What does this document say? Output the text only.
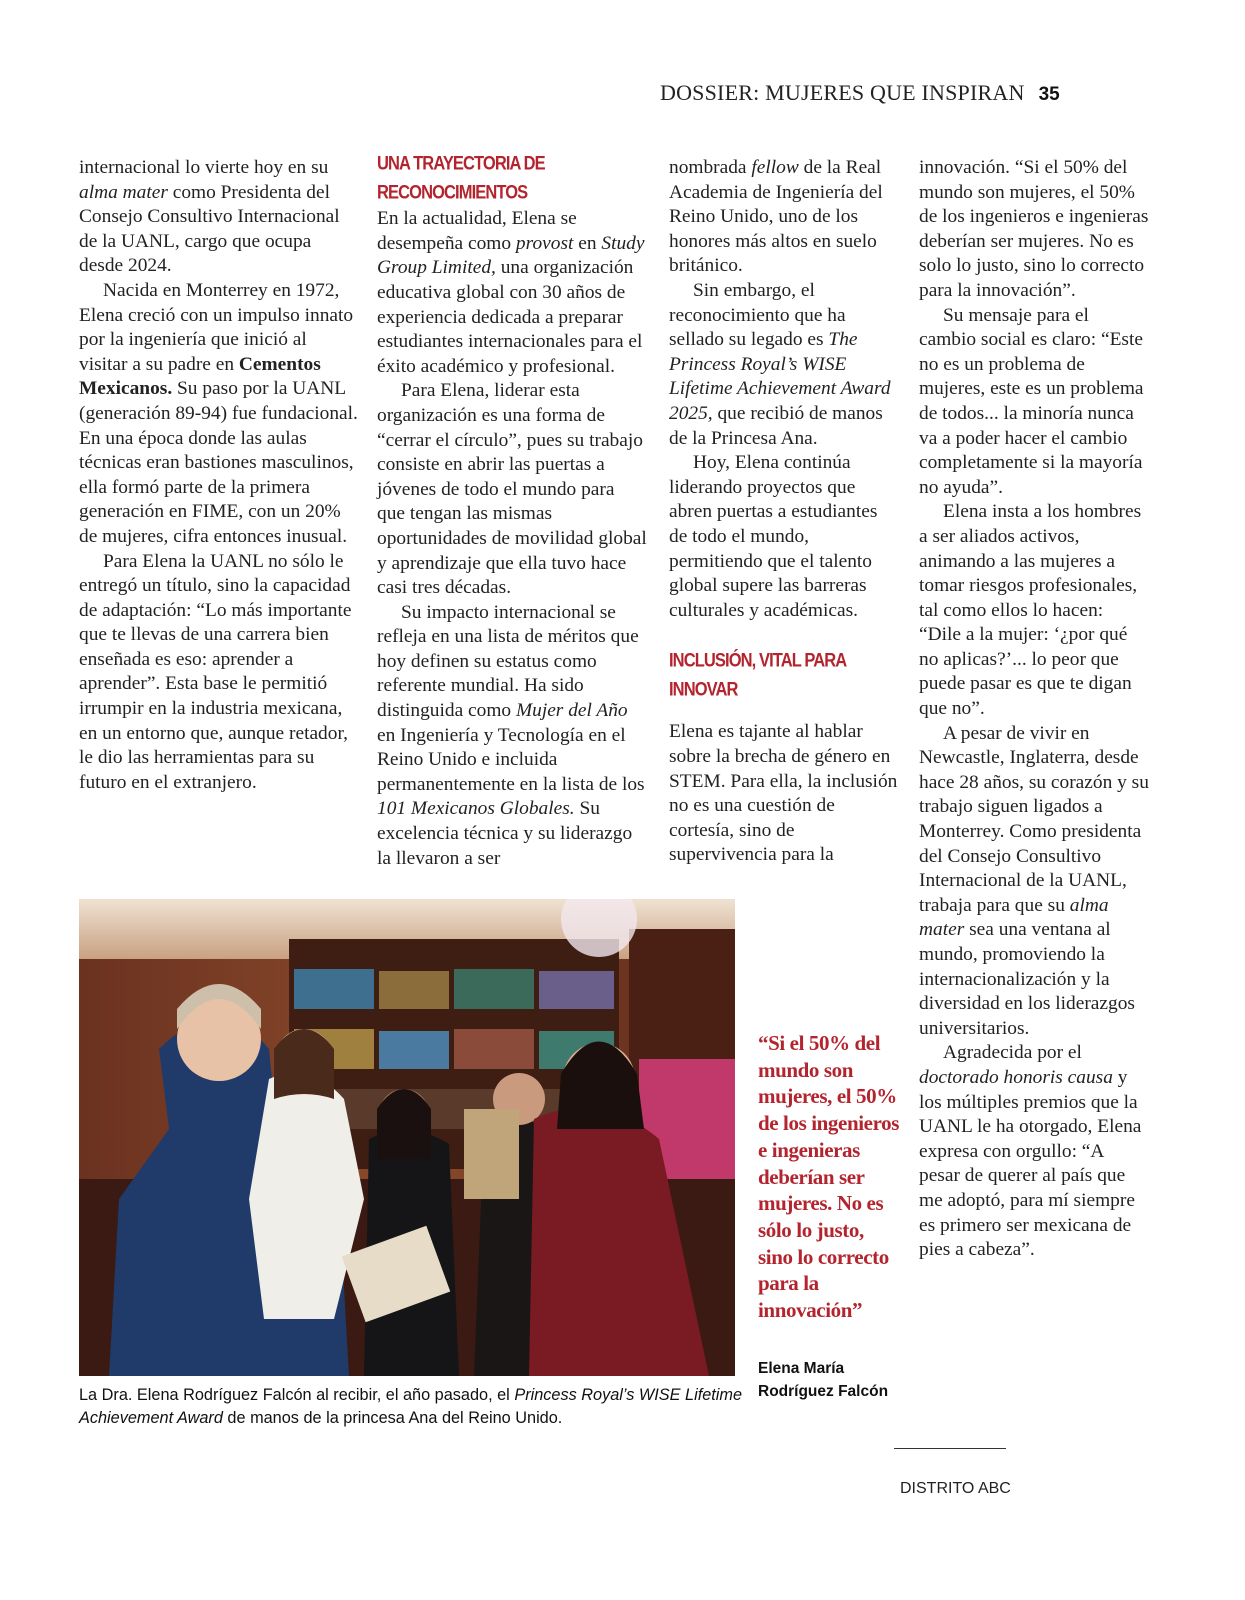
DOSSIER: MUJERES QUE INSPIRAN 35

internacional lo vierte hoy en su alma mater como Presidenta del Consejo Consultivo Internacional de la UANL, cargo que ocupa desde 2024.

Nacida en Monterrey en 1972, Elena creció con un impulso innato por la ingeniería que inició al visitar a su padre en Cementos Mexicanos. Su paso por la UANL (generación 89-94) fue fundacional. En una época donde las aulas técnicas eran bastiones masculinos, ella formó parte de la primera generación en FIME, con un 20% de mujeres, cifra entonces inusual.

Para Elena la UANL no sólo le entregó un título, sino la capacidad de adaptación: “Lo más importante que te llevas de una carrera bien enseñada es eso: aprender a aprender”. Esta base le permitió irrumpir en la industria mexicana, en un entorno que, aunque retador, le dio las herramientas para su futuro en el extranjero.

UNA TRAYECTORIA DE RECONOCIMIENTOS

En la actualidad, Elena se desempeña como provost en Study Group Limited, una organización educativa global con 30 años de experiencia dedicada a preparar estudiantes internacionales para el éxito académico y profesional.

Para Elena, liderar esta organización es una forma de “cerrar el círculo”, pues su trabajo consiste en abrir las puertas a jóvenes de todo el mundo para que tengan las mismas oportunidades de movilidad global y aprendizaje que ella tuvo hace casi tres décadas.

Su impacto internacional se refleja en una lista de méritos que hoy definen su estatus como referente mundial. Ha sido distinguida como Mujer del Año en Ingeniería y Tecnología en el Reino Unido e incluida permanentemente en la lista de los 101 Mexicanos Globales. Su excelencia técnica y su liderazgo la llevaron a ser

nombrada fellow de la Real Academia de Ingeniería del Reino Unido, uno de los honores más altos en suelo británico.

Sin embargo, el reconocimiento que ha sellado su legado es The Princess Royal’s WISE Lifetime Achievement Award 2025, que recibió de manos de la Princesa Ana.

Hoy, Elena continúa liderando proyectos que abren puertas a estudiantes de todo el mundo, permitiendo que el talento global supere las barreras culturales y académicas.

INCLUSIÓN, VITAL PARA INNOVAR

Elena es tajante al hablar sobre la brecha de género en STEM. Para ella, la inclusión no es una cuestión de cortesía, sino de supervivencia para la

innovación. “Si el 50% del mundo son mujeres, el 50% de los ingenieros e ingenieras deberían ser mujeres. No es solo lo justo, sino lo correcto para la innovación”.

Su mensaje para el cambio social es claro: “Este no es un problema de mujeres, este es un problema de todos... la minoría nunca va a poder hacer el cambio completamente si la mayoría no ayuda”.

Elena insta a los hombres a ser aliados activos, animando a las mujeres a tomar riesgos profesionales, tal como ellos lo hacen: “Dile a la mujer: ‘¿por qué no aplicas?’... lo peor que puede pasar es que te digan que no”.

A pesar de vivir en Newcastle, Inglaterra, desde hace 28 años, su corazón y su trabajo siguen ligados a Monterrey. Como presidenta del Consejo Consultivo Internacional de la UANL, trabaja para que su alma mater sea una ventana al mundo, promoviendo la internacionalización y la diversidad en los liderazgos universitarios.

Agradecida por el doctorado honoris causa y los múltiples premios que la UANL le ha otorgado, Elena expresa con orgullo: “A pesar de querer al país que me adoptó, para mí siempre es primero ser mexicana de pies a cabeza”.

La Dra. Elena Rodríguez Falcón al recibir, el año pasado, el Princess Royal’s WISE Lifetime Achievement Award de manos de la princesa Ana del Reino Unido.
“Si el 50% del mundo son mujeres, el 50% de los ingenieros e ingenieras deberían ser mujeres. No es sólo lo justo, sino lo correcto para la innovación”
Elena María Rodríguez Falcón
DISTRITO ABC
